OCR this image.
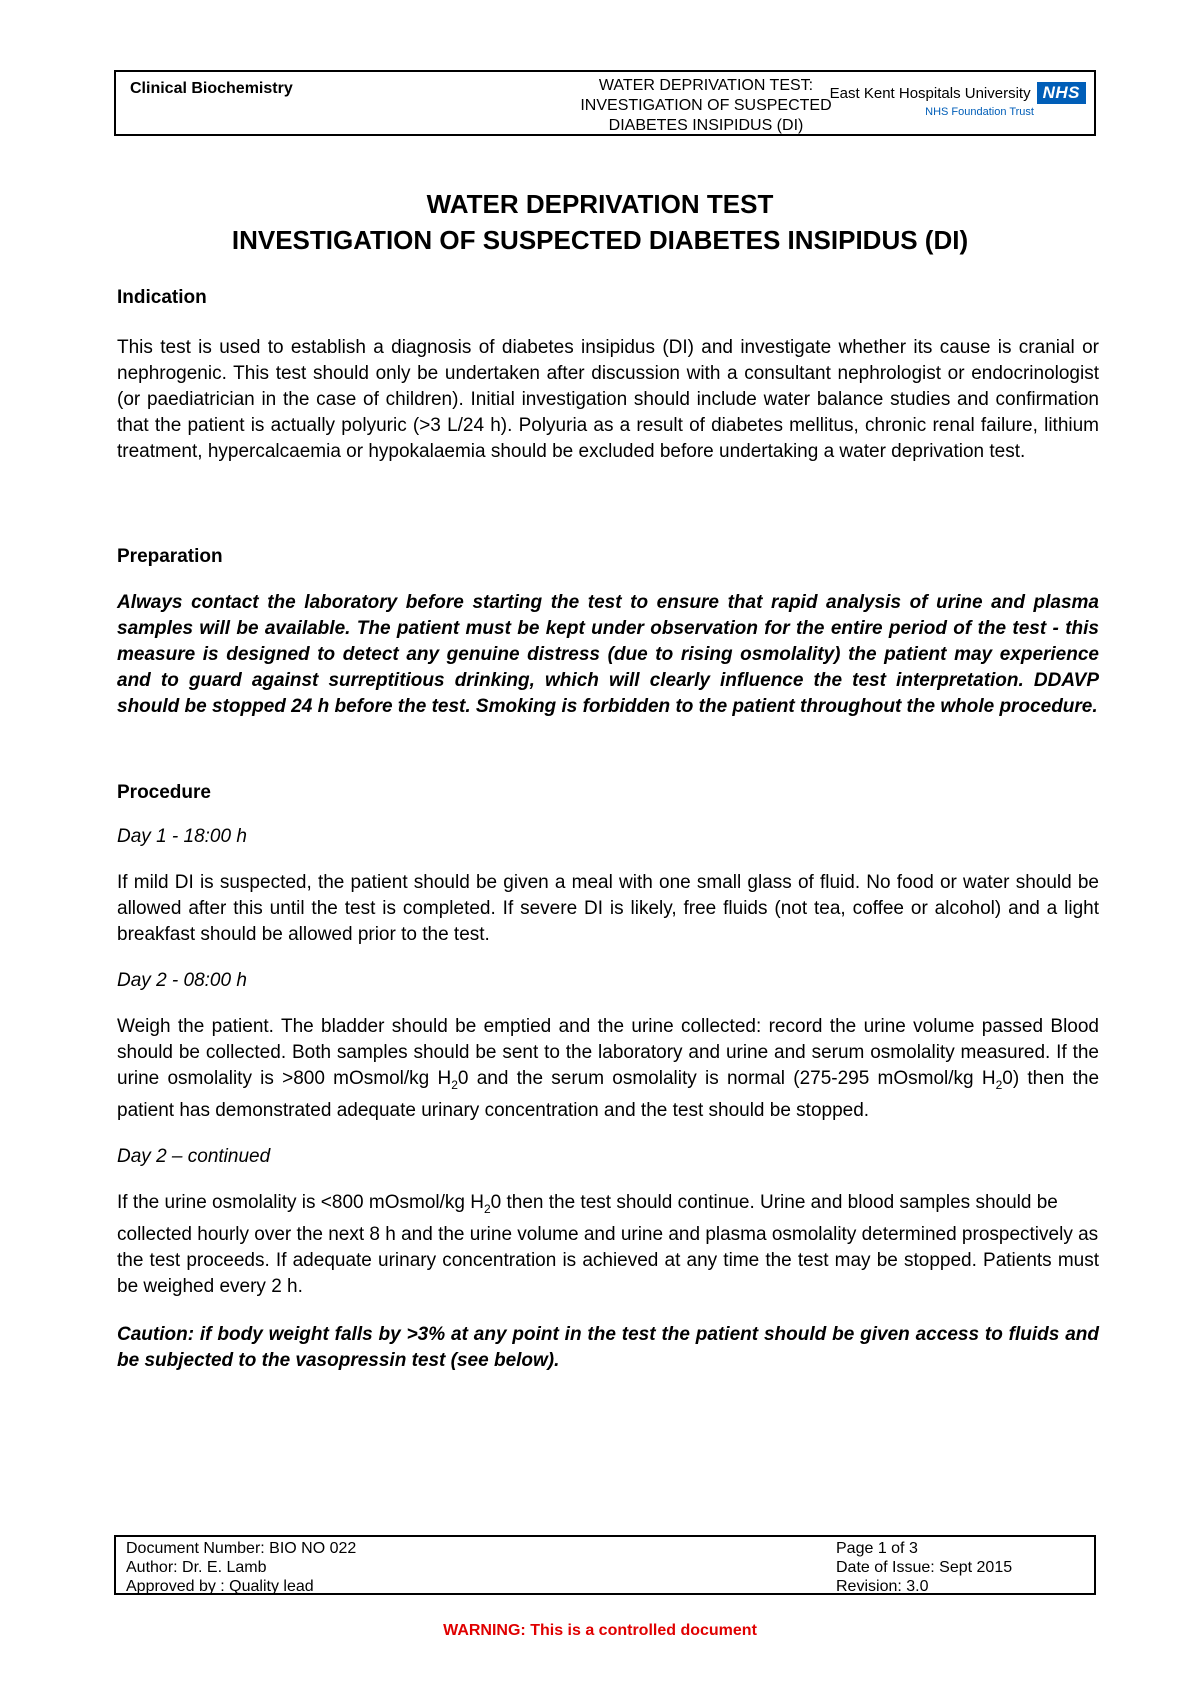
Clinical Biochemistry	WATER DEPRIVATION TEST:
INVESTIGATION OF SUSPECTED
DIABETES INSIPIDUS (DI)
East Kent Hospitals University NHS
NHS Foundation Trust
WATER DEPRIVATION TEST
INVESTIGATION OF SUSPECTED DIABETES INSIPIDUS (DI)
Indication

This test is used to establish a diagnosis of diabetes insipidus (DI) and investigate whether its cause is cranial or nephrogenic. This test should only be undertaken after discussion with a consultant nephrologist or endocrinologist (or paediatrician in the case of children). Initial investigation should include water balance studies and confirmation that the patient is actually polyuric (>3 L/24 h). Polyuria as a result of diabetes mellitus, chronic renal failure, lithium treatment, hypercalcaemia or hypokalaemia should be excluded before undertaking a water deprivation test.

Preparation

Always contact the laboratory before starting the test to ensure that rapid analysis of urine and plasma samples will be available. The patient must be kept under observation for the entire period of the test - this measure is designed to detect any genuine distress (due to rising osmolality) the patient may experience and to guard against surreptitious drinking, which will clearly influence the test interpretation. DDAVP should be stopped 24 h before the test. Smoking is forbidden to the patient throughout the whole procedure.

Procedure
Day 1 - 18:00 h

If mild DI is suspected, the patient should be given a meal with one small glass of fluid. No food or water should be allowed after this until the test is completed. If severe DI is likely, free fluids (not tea, coffee or alcohol) and a light breakfast should be allowed prior to the test.

Day 2 - 08:00 h

Weigh the patient. The bladder should be emptied and the urine collected: record the urine volume passed Blood should be collected. Both samples should be sent to the laboratory and urine and serum osmolality measured. If the urine osmolality is >800 mOsmol/kg $H_20$ and the serum osmolality is normal (275-295 mOsmol/kg $H_20$) then the patient has demonstrated adequate urinary concentration and the test should be stopped.

Day 2 – continued

If the urine osmolality is <800 mOsmol/kg $H_20$ then the test should continue. Urine and blood samples should be collected hourly over the next 8 h and the urine volume and urine and plasma osmolality determined prospectively as

the test proceeds. If adequate urinary concentration is achieved at any time the test may be stopped. Patients must be weighed every 2 h.

Caution: if body weight falls by >3% at any point in the test the patient should be given access to fluids and be subjected to the vasopressin test (see below).

Document Number: BIO NO 022
Author: Dr. E. Lamb
Approved by : Quality lead
Page 1 of 3
Date of Issue: Sept 2015
Revision: 3.0
WARNING: This is a controlled document
